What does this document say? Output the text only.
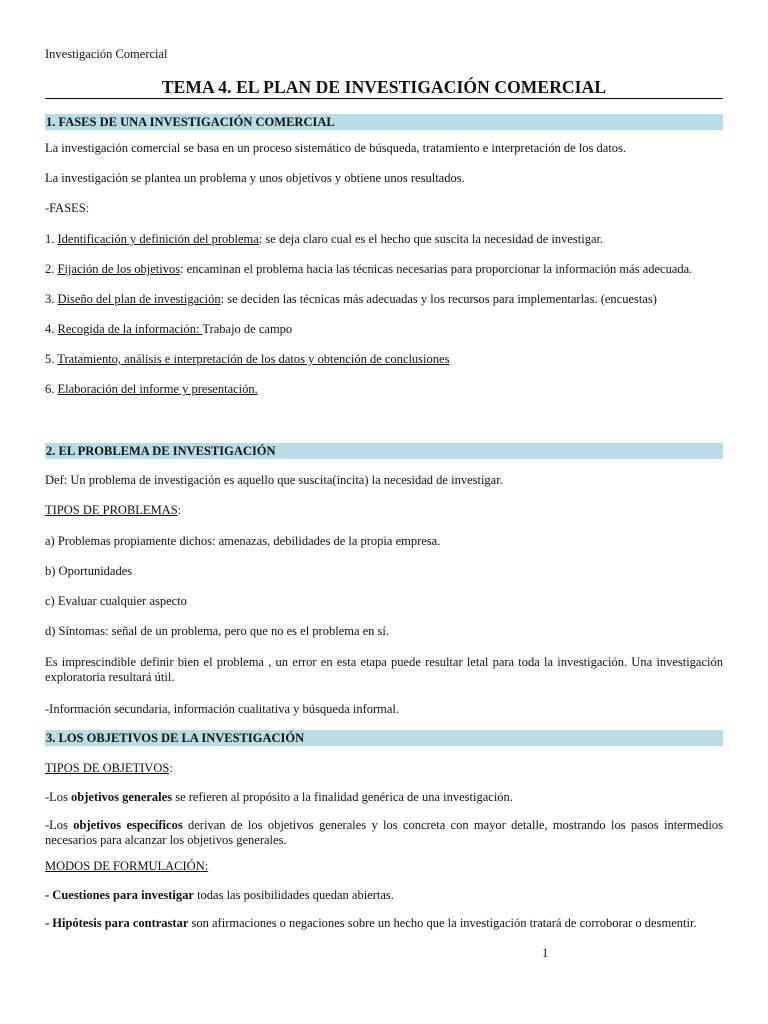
Investigación Comercial
TEMA 4. EL PLAN DE INVESTIGACIÓN COMERCIAL
1. FASES DE UNA INVESTIGACIÓN COMERCIAL
La investigación comercial se basa en un proceso sistemático de búsqueda, tratamiento e interpretación de los datos.
La investigación se plantea un problema y unos objetivos y obtiene unos resultados.
-FASES:
1. Identificación y definición del problema: se deja claro cual es el hecho que suscita la necesidad de investigar.
2. Fijación de los objetivos: encaminan el problema hacia las técnicas necesarias para proporcionar la información más adecuada.
3. Diseño del plan de investigación: se deciden las técnicas más adecuadas y los recursos para implementarlas. (encuestas)
4. Recogida de la información: Trabajo de campo
5. Tratamiento, análisis e interpretación de los datos y obtención de conclusiones
6. Elaboración del informe y presentación.
2. EL PROBLEMA DE INVESTIGACIÓN
Def: Un problema de investigación es aquello que suscita(incita) la necesidad de investigar.
TIPOS DE PROBLEMAS:
a) Problemas propiamente dichos: amenazas, debilidades de la propia empresa.
b) Oportunidades
c) Evaluar cualquier aspecto
d) Síntomas: señal de un problema, pero que no es el problema en sí.
Es imprescindible definir bien el problema , un error en esta etapa puede resultar letal para toda la investigación. Una investigación exploratoria resultará útil.
-Información secundaria, información cualitativa y búsqueda informal.
3. LOS OBJETIVOS DE LA INVESTIGACIÓN
TIPOS DE OBJETIVOS:
-Los objetivos generales se refieren al propósito a la finalidad genérica de una investigación.
-Los objetivos específicos derivan de los objetivos generales y los concreta con mayor detalle, mostrando los pasos intermedios necesarios para alcanzar los objetivos generales.
MODOS DE FORMULACIÓN:
- Cuestiones para investigar todas las posibilidades quedan abiertas.
- Hipótesis para contrastar son afirmaciones o negaciones sobre un hecho que la investigación tratará de corroborar o desmentir.
1
